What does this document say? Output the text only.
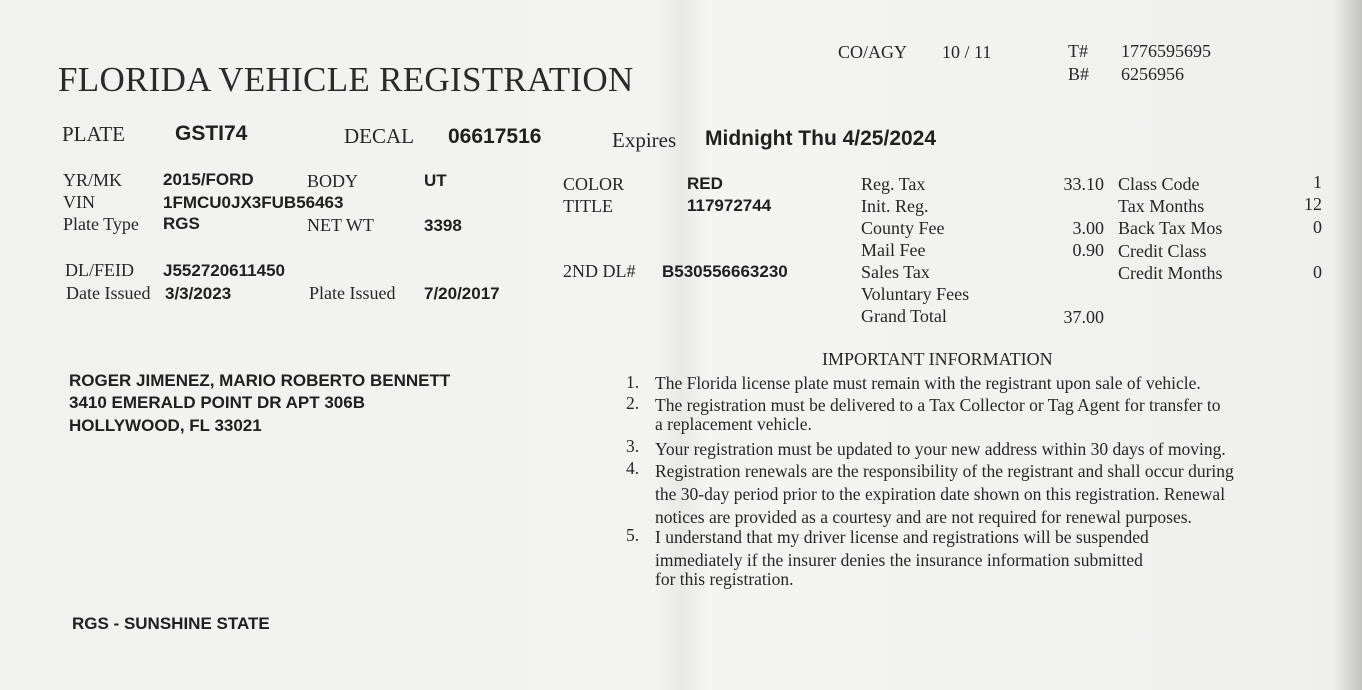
CO/AGY 10 / 11	T# 1776595695
B# 6256956
FLORIDA VEHICLE REGISTRATION
PLATE GSTI74	DECAL 06617516	Expires Midnight Thu 4/25/2024
YR/MK 2015/FORD	BODY	UT
VIN	1FMCU0JX3FUB56463
Plate Type RGS	NET WT	3398
COLOR	RED
TITLE	117972744
DL/FEID J552720611450
Date Issued 3/3/2023	Plate Issued 7/20/2017
2ND DL# B530556663230
Reg. Tax	33.10
Init. Reg.
County Fee	3.00
Mail Fee	0.90
Sales Tax
Voluntary Fees
Grand Total	37.00
Class Code	1
Tax Months	12
Back Tax Mos	0
Credit Class
Credit Months	0
IMPORTANT INFORMATION
1. The Florida license plate must remain with the registrant upon sale of vehicle.
2. The registration must be delivered to a Tax Collector or Tag Agent for transfer to
a replacement vehicle.
3. Your registration must be updated to your new address within 30 days of moving.
4. Registration renewals are the responsibility of the registrant and shall occur during
the 30-day period prior to the expiration date shown on this registration. Renewal
notices are provided as a courtesy and are not required for renewal purposes.
5. I understand that my driver license and registrations will be suspended
immediately if the insurer denies the insurance information submitted
for this registration.
ROGER JIMENEZ, MARIO ROBERTO BENNETT
3410 EMERALD POINT DR APT 306B
HOLLYWOOD, FL 33021
RGS - SUNSHINE STATE
